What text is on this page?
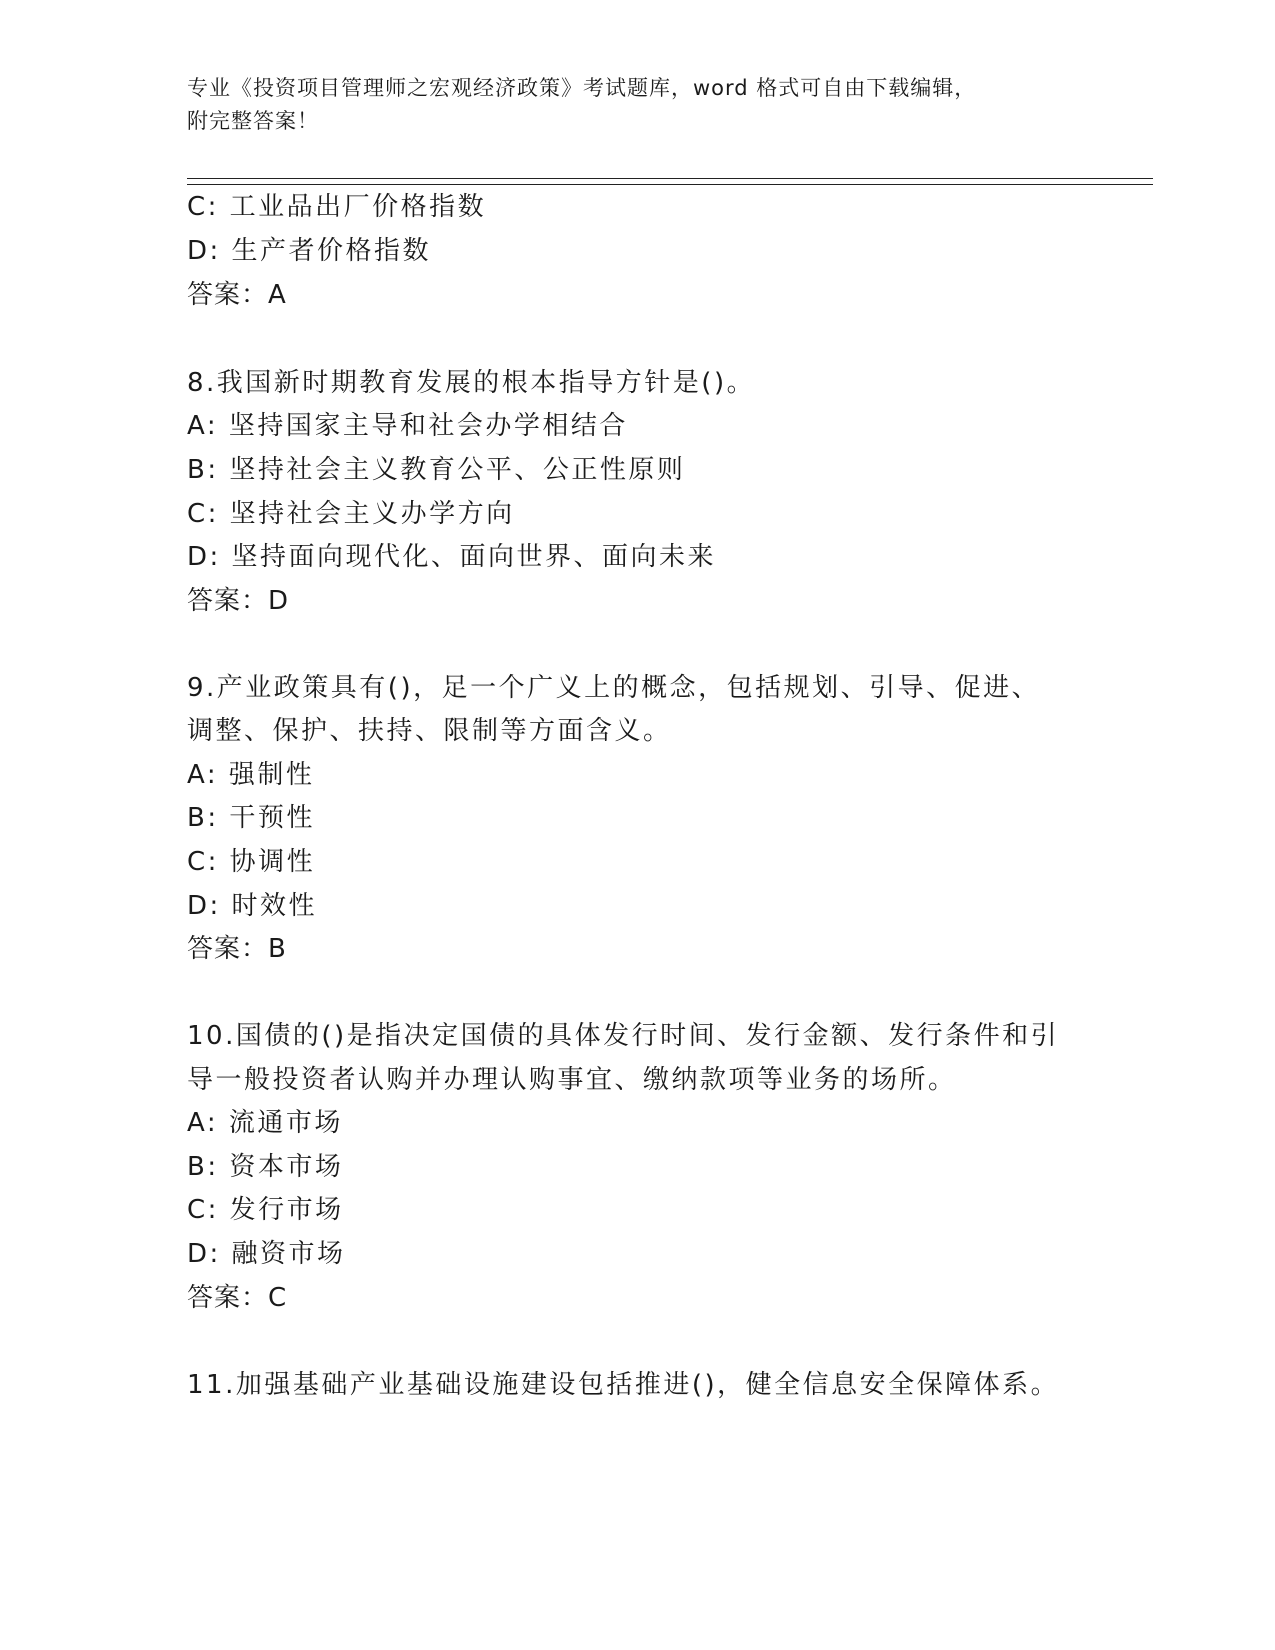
专业《投资项目管理师之宏观经济政策》考试题库，word 格式可自由下载编辑，
附完整答案！
C: 工业品出厂价格指数
D: 生产者价格指数
答案：A
8.我国新时期教育发展的根本指导方针是()。
A: 坚持国家主导和社会办学相结合
B: 坚持社会主义教育公平、公正性原则
C: 坚持社会主义办学方向
D: 坚持面向现代化、面向世界、面向未来
答案：D
9.产业政策具有()，足一个广义上的概念，包括规划、引导、促进、
调整、保护、扶持、限制等方面含义。
A: 强制性
B: 干预性
C: 协调性
D: 时效性
答案：B
10.国债的()是指决定国债的具体发行时间、发行金额、发行条件和引
导一般投资者认购并办理认购事宜、缴纳款项等业务的场所。
A: 流通市场
B: 资本市场
C: 发行市场
D: 融资市场
答案：C
11.加强基础产业基础设施建设包括推进()，健全信息安全保障体系。
